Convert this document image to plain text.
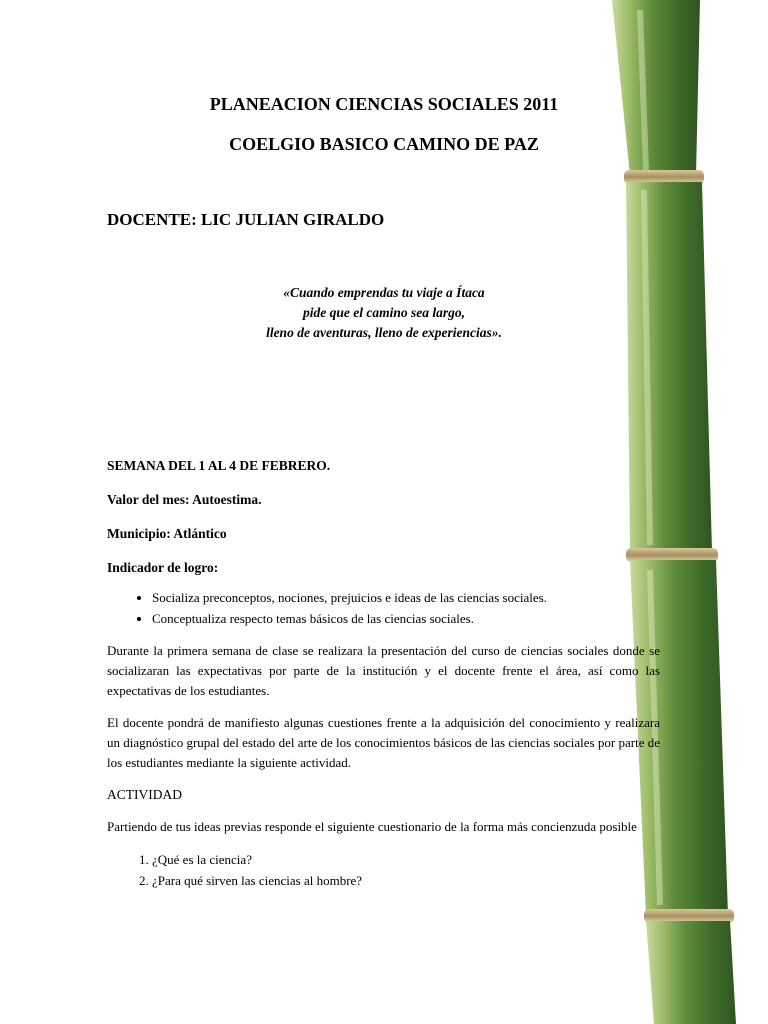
PLANEACION CIENCIAS SOCIALES 2011
COELGIO BASICO CAMINO DE PAZ
DOCENTE: LIC JULIAN GIRALDO
«Cuando emprendas tu viaje a Ítaca
pide que el camino sea largo,
lleno de aventuras, lleno de experiencias».

SEMANA DEL 1 AL 4 DE FEBRERO.

Valor del mes: Autoestima.

Municipio: Atlántico

Indicador de logro:

• Socializa preconceptos, nociones, prejuicios e ideas de las ciencias sociales.
• Conceptualiza respecto temas básicos de las ciencias sociales.

Durante la primera semana de clase se realizara la presentación del curso de ciencias sociales donde se socializaran las expectativas por parte de la institución y el docente frente el área, así como las expectativas de los estudiantes.

El docente pondrá de manifiesto algunas cuestiones frente a la adquisición del conocimiento y realizara un diagnóstico grupal del estado del arte de los conocimientos básicos de las ciencias sociales por parte de los estudiantes mediante la siguiente actividad.

ACTIVIDAD

Partiendo de tus ideas previas responde el siguiente cuestionario de la forma más concienzuda posible

1. ¿Qué es la ciencia?
2. ¿Para qué sirven las ciencias al hombre?
